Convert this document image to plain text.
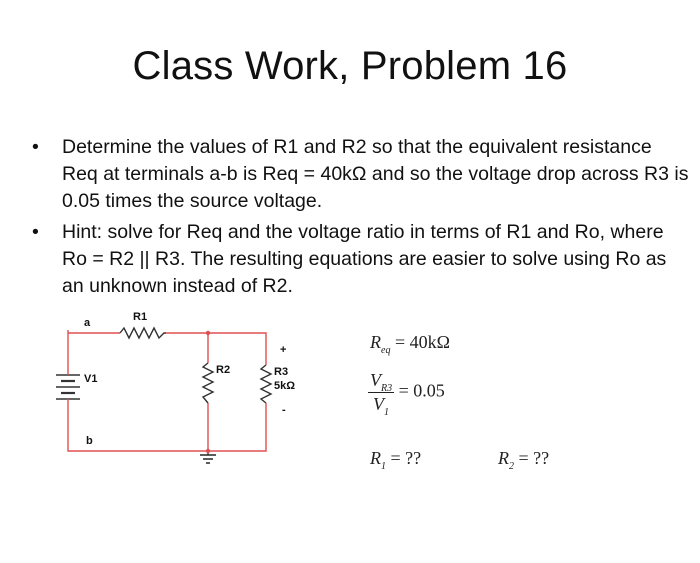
Class Work, Problem 16
• Determine the values of R1 and R2 so that the equivalent resistance Req at terminals a-b is Req = 40kΩ and so the voltage drop across R3 is 0.05 times the source voltage.
• Hint: solve for Req and the voltage ratio in terms of R1 and Ro, where Ro = R2 || R3. The resulting equations are easier to solve using Ro as an unknown instead of R2.
a	R1
V1
b
R2	R3
5kΩ
+
-
$R_{eq} = 40k\Omega$
$\frac{V_{R3}}{V_1} = 0.05$
$R_1$ = ??	$R_2$ = ??
